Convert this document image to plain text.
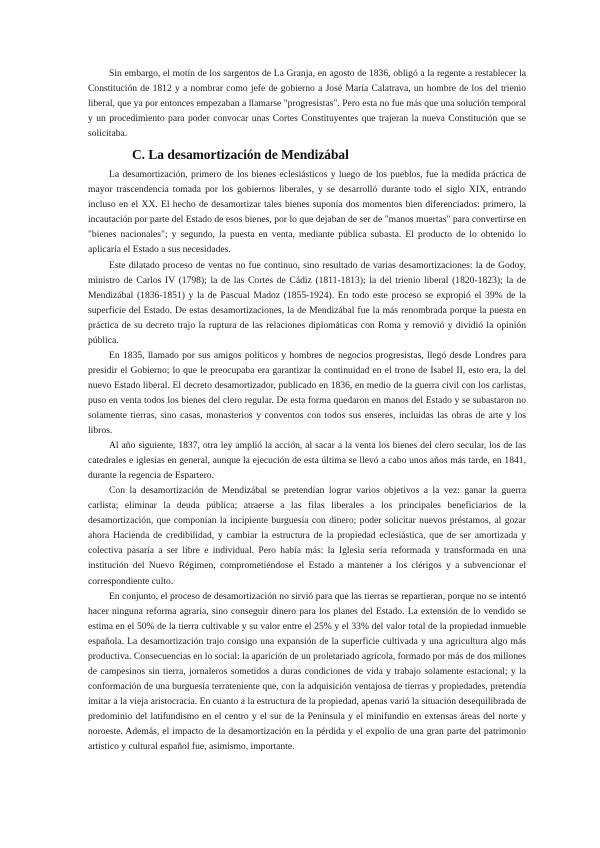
Sin embargo, el motín de los sargentos de La Granja, en agosto de 1836, obligó a la regente a restablecer la Constitución de 1812 y a nombrar como jefe de gobierno a José María Calatrava, un hombre de los del trienio liberal, que ya por entonces empezaban a llamarse "progresistas". Pero esta no fue más que una solución temporal y un procedimiento para poder convocar unas Cortes Constituyentes que trajeran la nueva Constitución que se solicitaba.

C. La desamortización de Mendizábal

La desamortización, primero de los bienes eclesiásticos y luego de los pueblos, fue la medida práctica de mayor trascendencia tomada por los gobiernos liberales, y se desarrolló durante todo el siglo XIX, entrando incluso en el XX. El hecho de desamortizar tales bienes suponía dos momentos bien diferenciados: primero, la incautación por parte del Estado de esos bienes, por lo que dejaban de ser de "manos muertas" para convertirse en "bienes nacionales"; y segundo, la puesta en venta, mediante pública subasta. El producto de lo obtenido lo aplicaría el Estado a sus necesidades.

Este dilatado proceso de ventas no fue continuo, sino resultado de varias desamortizaciones: la de Godoy, ministro de Carlos IV (1798); la de las Cortes de Cádiz (1811-1813); la del trienio liberal (1820-1823); la de Mendizábal (1836-1851) y la de Pascual Madoz (1855-1924). En todo este proceso se expropió el 39% de la superficie del Estado. De estas desamortizaciones, la de Mendizábal fue la más renombrada porque la puesta en práctica de su decreto trajo la ruptura de las relaciones diplomáticas con Roma y removió y dividió la opinión pública.

En 1835, llamado por sus amigos políticos y hombres de negocios progresistas, llegó desde Londres para presidir el Gobierno; lo que le preocupaba era garantizar la continuidad en el trono de Isabel II, esto era, la del nuevo Estado liberal. El decreto desamortizador, publicado en 1836, en medio de la guerra civil con los carlistas, puso en venta todos los bienes del clero regular. De esta forma quedaron en manos del Estado y se subastaron no solamente tierras, sino casas, monasterios y conventos con todos sus enseres, incluidas las obras de arte y los libros.

Al año siguiente, 1837, otra ley amplió la acción, al sacar a la venta los bienes del clero secular, los de las catedrales e iglesias en general, aunque la ejecución de esta última se llevó a cabo unos años más tarde, en 1841, durante la regencia de Espartero.

Con la desamortización de Mendizábal se pretendían lograr varios objetivos a la vez: ganar la guerra carlista; eliminar la deuda pública; atraerse a las filas liberales a los principales beneficiarios de la desamortización, que componían la incipiente burguesía con dinero; poder solicitar nuevos préstamos, al gozar ahora Hacienda de credibilidad, y cambiar la estructura de la propiedad eclesiástica, que de ser amortizada y colectiva pasaría a ser libre e individual. Pero había más: la Iglesia sería reformada y transformada en una institución del Nuevo Régimen, comprometiéndose el Estado a mantener a los clérigos y a subvencionar el correspondiente culto.

En conjunto, el proceso de desamortización no sirvió para que las tierras se repartieran, porque no se intentó hacer ninguna reforma agraria, sino conseguir dinero para los planes del Estado. La extensión de lo vendido se estima en el 50% de la tierra cultivable y su valor entre el 25% y el 33% del valor total de la propiedad inmueble española. La desamortización trajo consigo una expansión de la superficie cultivada y una agricultura algo más productiva. Consecuencias en lo social: la aparición de un proletariado agrícola, formado por más de dos millones de campesinos sin tierra, jornaleros sometidos a duras condiciones de vida y trabajo solamente estacional; y la conformación de una burguesía terrateniente que, con la adquisición ventajosa de tierras y propiedades, pretendía imitar a la vieja aristocracia. En cuanto a la estructura de la propiedad, apenas varió la situación desequilibrada de predominio del latifundismo en el centro y el sur de la Península y el minifundio en extensas áreas del norte y noroeste. Además, el impacto de la desamortización en la pérdida y el expolio de una gran parte del patrimonio artístico y cultural español fue, asimismo, importante.
